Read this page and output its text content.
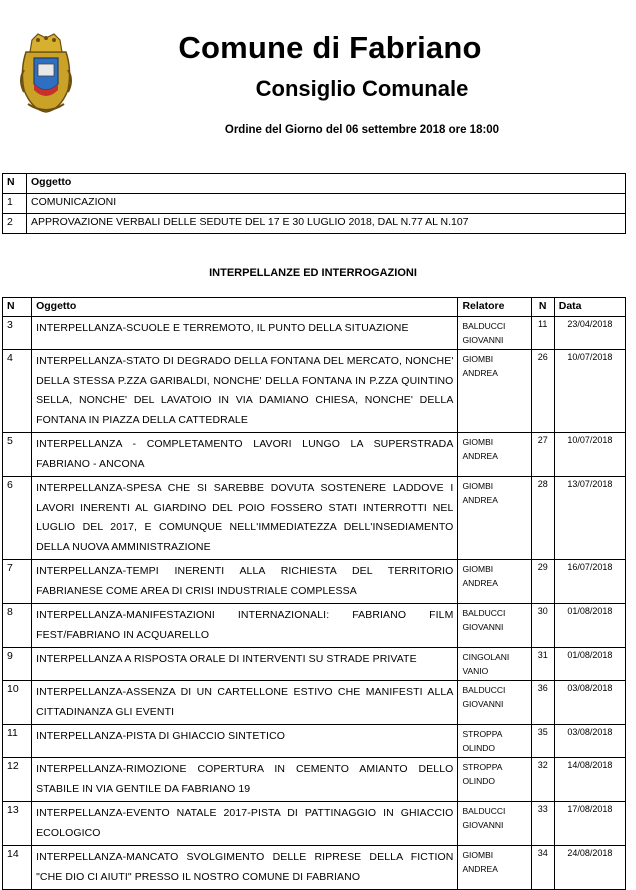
Comune di Fabriano
Consiglio Comunale
Ordine del Giorno del 06 settembre 2018 ore 18:00
N	Oggetto
1	COMUNICAZIONI
2	APPROVAZIONE VERBALI DELLE SEDUTE DEL 17 E 30 LUGLIO 2018, DAL N.77 AL N.107
INTERPELLANZE ED INTERROGAZIONI
N	Oggetto	Relatore	N	Data
3	INTERPELLANZA-SCUOLE E TERREMOTO, IL PUNTO DELLA SITUAZIONE	BALDUCCI GIOVANNI	11	23/04/2018
4	INTERPELLANZA-STATO DI DEGRADO DELLA FONTANA DEL MERCATO, NONCHE' DELLA STESSA P.ZZA GARIBALDI, NONCHE' DELLA FONTANA IN P.ZZA QUINTINO SELLA, NONCHE' DEL LAVATOIO IN VIA DAMIANO CHIESA, NONCHE' DELLA FONTANA IN PIAZZA DELLA CATTEDRALE	GIOMBI ANDREA	26	10/07/2018
5	INTERPELLANZA - COMPLETAMENTO LAVORI LUNGO LA SUPERSTRADA FABRIANO - ANCONA	GIOMBI ANDREA	27	10/07/2018
6	INTERPELLANZA-SPESA CHE SI SAREBBE DOVUTA SOSTENERE LADDOVE I LAVORI INERENTI AL GIARDINO DEL POIO FOSSERO STATI INTERROTTI NEL LUGLIO DEL 2017, E COMUNQUE NELL'IMMEDIATEZZA DELL'INSEDIAMENTO DELLA NUOVA AMMINISTRAZIONE	GIOMBI ANDREA	28	13/07/2018
7	INTERPELLANZA-TEMPI INERENTI ALLA RICHIESTA DEL TERRITORIO FABRIANESE COME AREA DI CRISI INDUSTRIALE COMPLESSA	GIOMBI ANDREA	29	16/07/2018
8	INTERPELLANZA-MANIFESTAZIONI INTERNAZIONALI: FABRIANO FILM FEST/FABRIANO IN ACQUARELLO	BALDUCCI GIOVANNI	30	01/08/2018
9	INTERPELLANZA A RISPOSTA ORALE DI INTERVENTI SU STRADE PRIVATE	CINGOLANI VANIO	31	01/08/2018
10	INTERPELLANZA-ASSENZA DI UN CARTELLONE ESTIVO CHE MANIFESTI ALLA CITTADINANZA GLI EVENTI	BALDUCCI GIOVANNI	36	03/08/2018
11	INTERPELLANZA-PISTA DI GHIACCIO SINTETICO	STROPPA OLINDO	35	03/08/2018
12	INTERPELLANZA-RIMOZIONE COPERTURA IN CEMENTO AMIANTO DELLO STABILE IN VIA GENTILE DA FABRIANO 19	STROPPA OLINDO	32	14/08/2018
13	INTERPELLANZA-EVENTO NATALE 2017-PISTA DI PATTINAGGIO IN GHIACCIO ECOLOGICO	BALDUCCI GIOVANNI	33	17/08/2018
14	INTERPELLANZA-MANCATO SVOLGIMENTO DELLE RIPRESE DELLA FICTION "CHE DIO CI AIUTI" PRESSO IL NOSTRO COMUNE DI FABRIANO	GIOMBI ANDREA	34	24/08/2018
